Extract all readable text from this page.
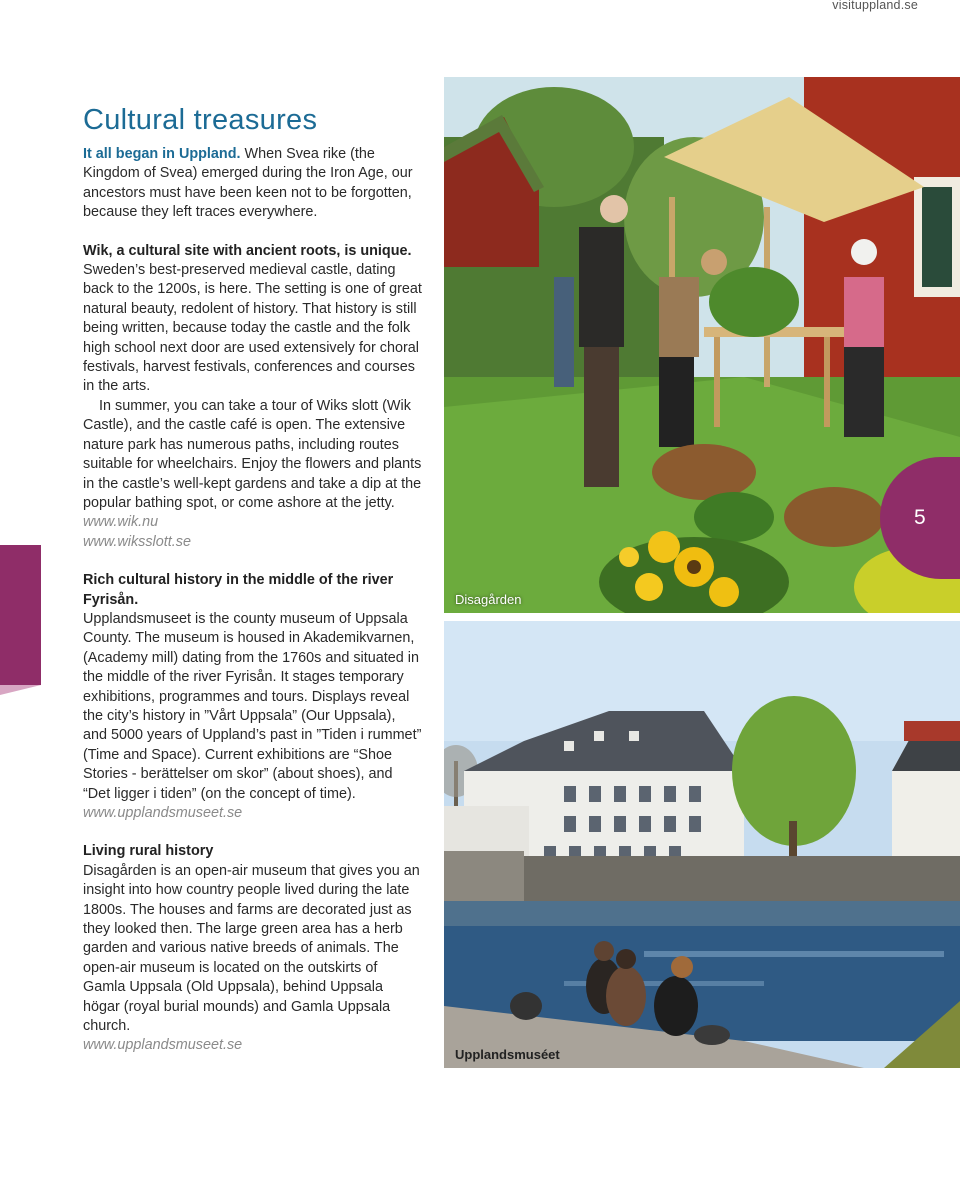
visituppland.se
Cultural treasures

It all began in Uppland. When Svea rike (the Kingdom of Svea) emerged during the Iron Age, our ancestors must have been keen not to be forgotten, because they left traces everywhere.

Wik, a cultural site with ancient roots, is unique.

Sweden’s best-preserved medieval castle, dating back to the 1200s, is here. The setting is one of great natural beauty, redolent of history. That history is still being written, because today the castle and the folk high school next door are used extensively for choral festivals, harvest festivals, conferences and courses in the arts.

In summer, you can take a tour of Wiks slott (Wik Castle), and the castle café is open. The extensive nature park has numerous paths, including routes suitable for wheelchairs. Enjoy the flowers and plants in the castle’s well-kept gardens and take a dip at the popular bathing spot, or come ashore at the jetty.

www.wik.nu
www.wiksslott.se

Rich cultural history in the middle of the river Fyrisån.

Upplandsmuseet is the county museum of Uppsala County. The museum is housed in Akademikvarnen, (Academy mill) dating from the 1760s and situated in the middle of the river Fyrisån. It stages temporary exhibitions, programmes and tours. Displays reveal the city’s history in ”Vårt Uppsala” (Our Uppsala), and 5000 years of Uppland’s past in ”Tiden i rummet” (Time and Space). Current exhibitions are “Shoe Stories - berättelser om skor” (about shoes), and “Det ligger i tiden” (on the concept of time).

www.upplandsmuseet.se

Living rural history

Disagården is an open-air museum that gives you an insight into how country people lived during the late 1800s. The houses and farms are decorated just as they looked then. The large green area has a herb garden and various native breeds of animals. The open-air museum is located on the outskirts of Gamla Uppsala (Old Uppsala), behind Uppsala högar (royal burial mounds) and Gamla Uppsala church.

www.upplandsmuseet.se
Disagården
Upplandsmuséet
5
